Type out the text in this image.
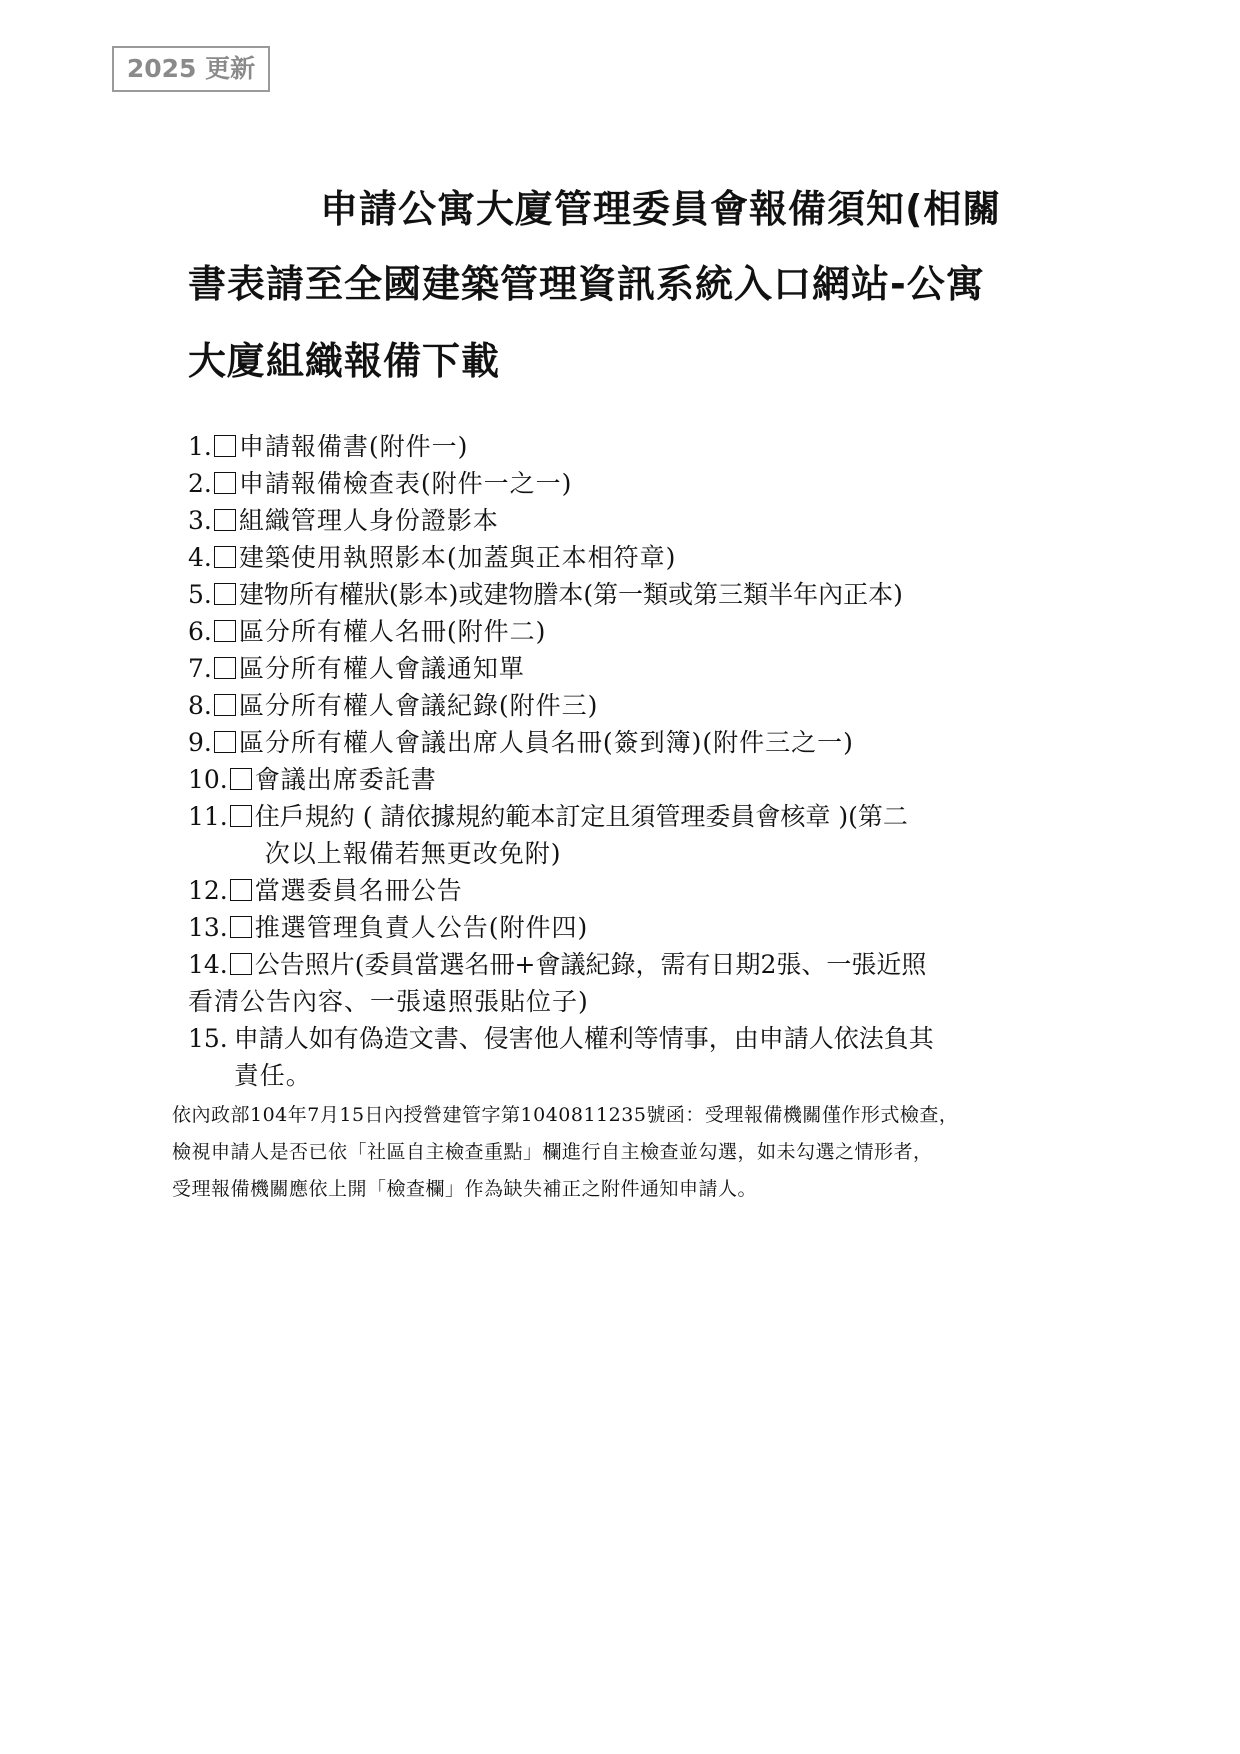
2025 更新
申請公寓大廈管理委員會報備須知(相關
書表請至全國建築管理資訊系統入口網站-公寓
大廈組織報備下載
1. 申請報備書(附件一)
2. 申請報備檢查表(附件一之一)
3. 組織管理人身份證影本
4. 建築使用執照影本(加蓋與正本相符章)
5. 建物所有權狀(影本)或建物謄本(第一類或第三類半年內正本)
6. 區分所有權人名冊(附件二)
7. 區分所有權人會議通知單
8. 區分所有權人會議紀錄(附件三)
9. 區分所有權人會議出席人員名冊(簽到簿)(附件三之一)
10. 會議出席委託書
11. 住戶規約 ( 請依據規約範本訂定且須管理委員會核章 )(第二
次以上報備若無更改免附)
12. 當選委員名冊公告
13. 推選管理負責人公告(附件四)
14. 公告照片(委員當選名冊+會議紀錄，需有日期2張、一張近照
看清公告內容、一張遠照張貼位子)
15. 申請人如有偽造文書、侵害他人權利等情事，由申請人依法負其
責任。
依內政部104年7月15日內授營建管字第1040811235號函：受理報備機關僅作形式檢查，
檢視申請人是否已依「社區自主檢查重點」欄進行自主檢查並勾選，如未勾選之情形者，
受理報備機關應依上開「檢查欄」作為缺失補正之附件通知申請人。
